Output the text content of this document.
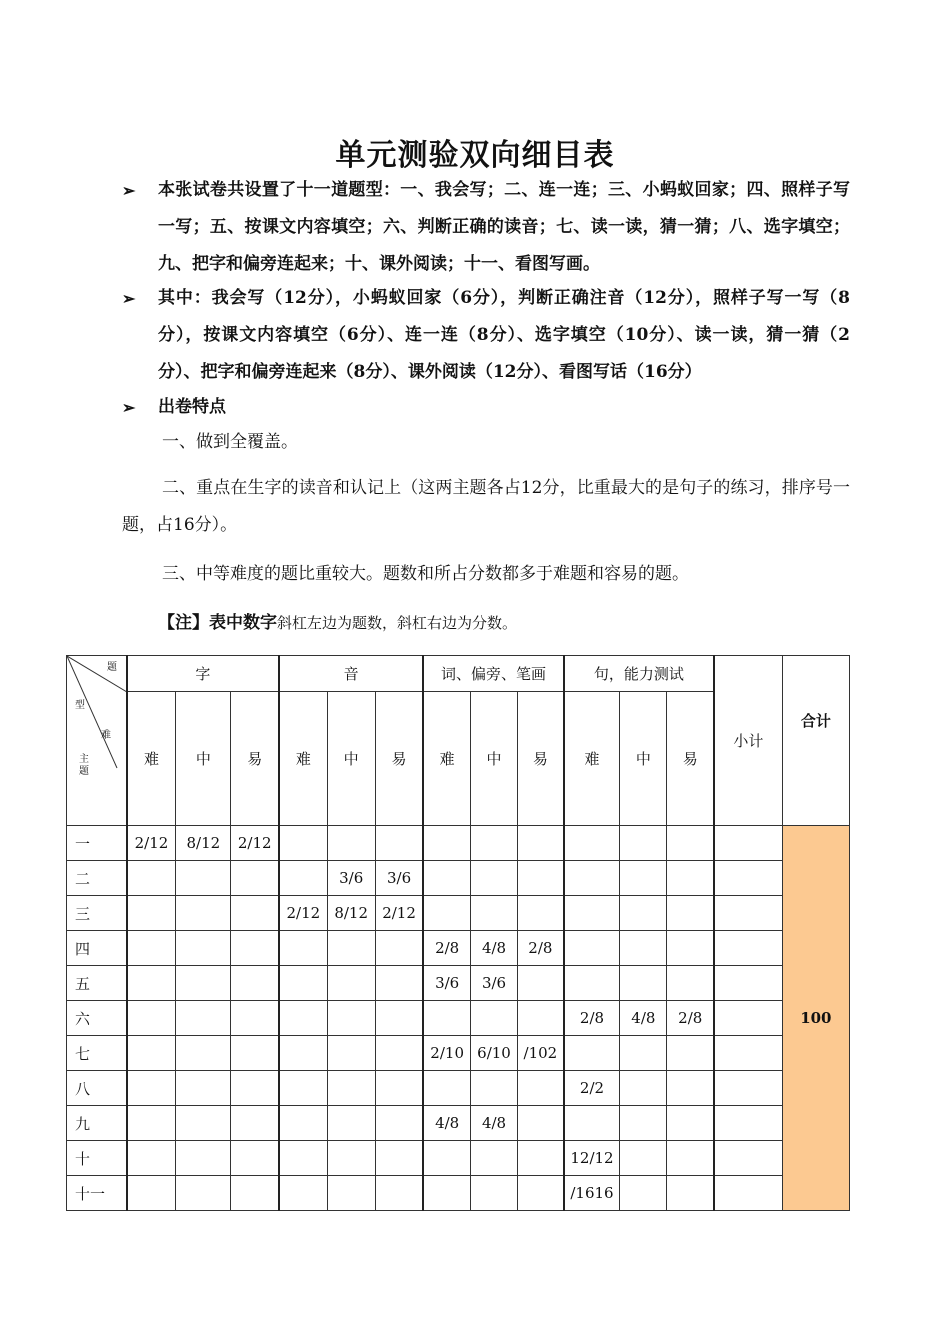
单元测验双向细目表
➢ 本张试卷共设置了十一道题型：一、我会写；二、连一连；三、小蚂蚁回家；四、照样子写一写；五、按课文内容填空；六、判断正确的读音；七、读一读，猜一猜；八、选字填空；九、把字和偏旁连起来；十、课外阅读；十一、看图写画。
➢ 其中：我会写（12分），小蚂蚁回家（6分），判断正确注音（12分），照样子写一写（8分），按课文内容填空（6分）、连一连（8分）、选字填空（10分）、读一读，猜一猜（2分）、把字和偏旁连起来（8分）、课外阅读（12分）、看图写话（16分）
➢ 出卷特点
一、做到全覆盖。
二、重点在生字的读音和认记上（这两主题各占12分，比重最大的是句子的练习，排序号一题，占16分）。
三、中等难度的题比重较大。题数和所占分数都多于难题和容易的题。
【注】表中数字斜杠左边为题数，斜杠右边为分数。
题
型
难
主
题	字			音			词、偏旁、笔画			句，能力测试			小计	合计
	难	中	易	难	中	易	难	中	易	难	中	易		
一	2/12	8/12	2/12											100
二					3/6	3/6								
三				2/12	8/12	2/12								
四							2/8	4/8	2/8					
五							3/6	3/6						
六										2/8	4/8	2/8		
七							2/10	6/10	/102					
八										2/2				
九							4/8	4/8						
十										12/12				
十一										/1616				
